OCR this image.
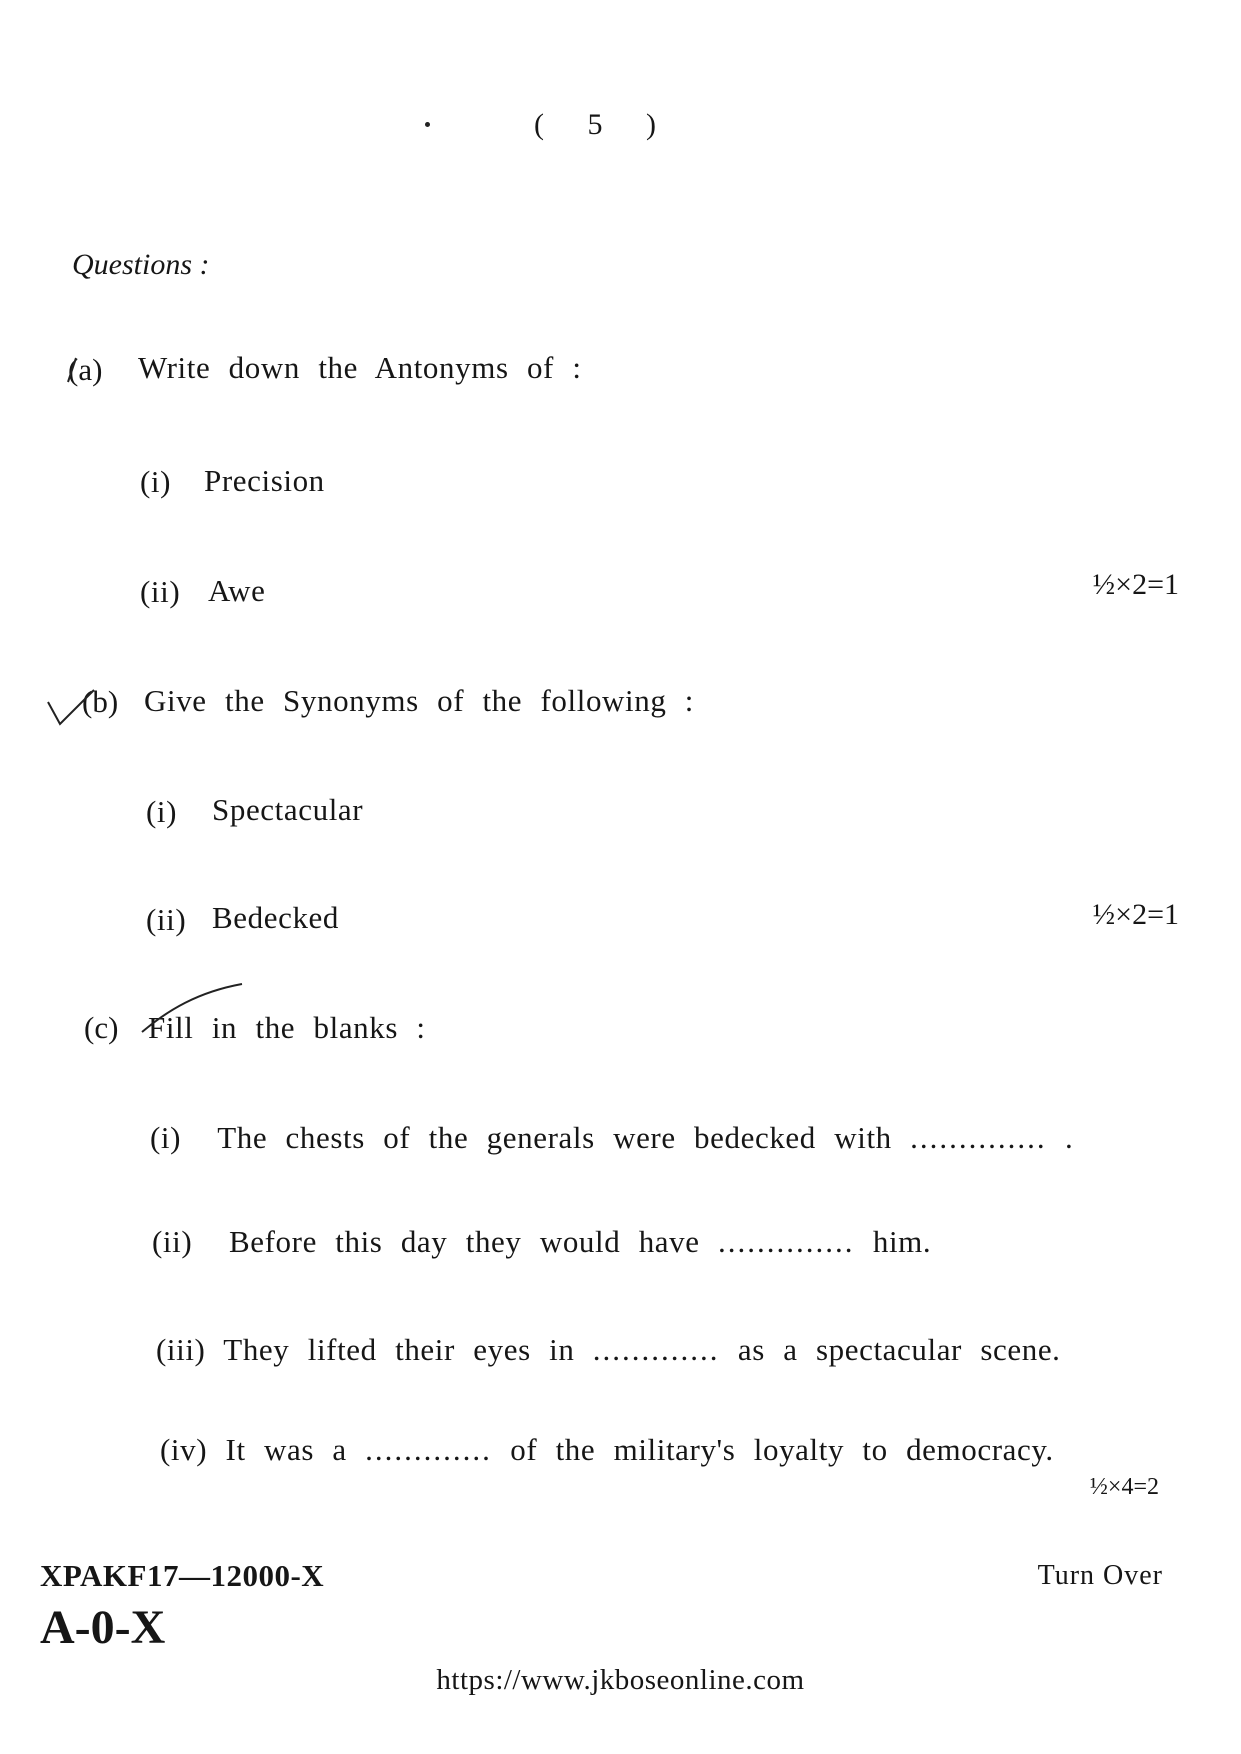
( 5 )
Questions :
(a) Write down the Antonyms of :
(i) Precision
(ii) Awe	½×2=1
(b) Give the Synonyms of the following :
(i) Spectacular
(ii) Bedecked	½×2=1
(c) Fill in the blanks :
(i) The chests of the generals were bedecked with .............. .
(ii) Before this day they would have .............. him.
(iii) They lifted their eyes in ............. as a spectacular scene.
(iv) It was a ............. of the military's loyalty to democracy.
½×4=2
XPAKF17—12000-X
A-0-X
Turn Over
https://www.jkboseonline.com
